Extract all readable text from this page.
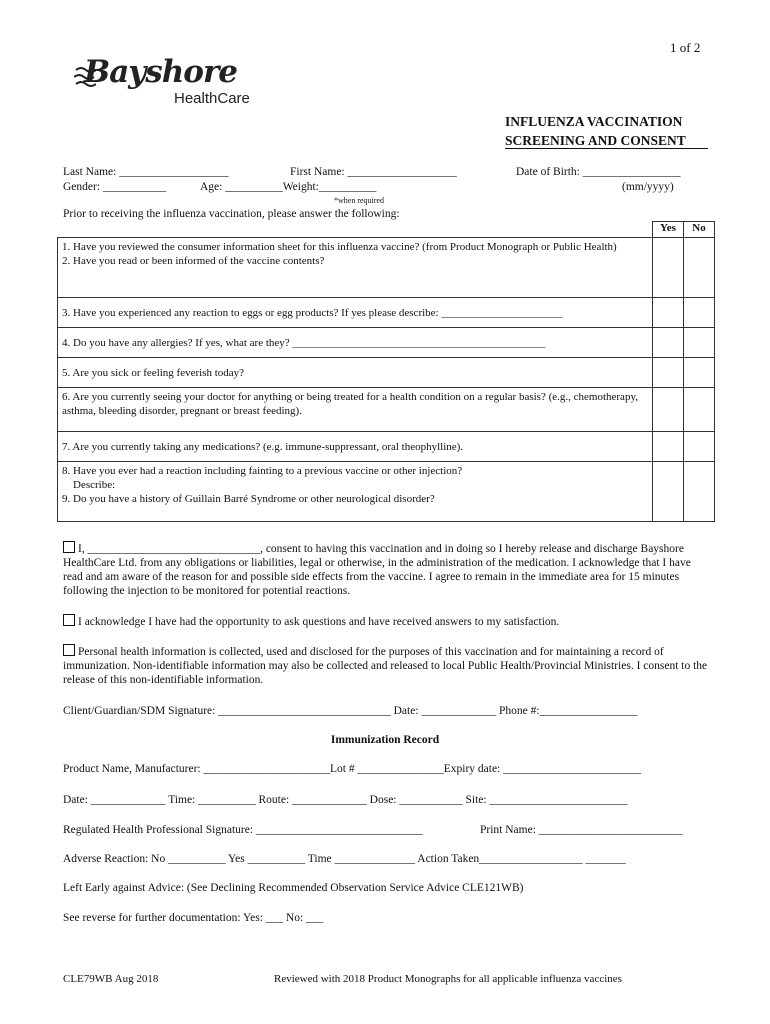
1 of 2
Bayshore
HealthCare
INFLUENZA VACCINATION
SCREENING AND CONSENT
Last Name: ___________________	First Name: ___________________	Date of Birth: _________________
Gender: ___________	Age: __________Weight:__________	(mm/yyyy)
*when required
Prior to receiving the influenza vaccination, please answer the following:
	Yes	No

1. Have you reviewed the consumer information sheet for this influenza vaccine? (from Product Monograph or Public Health)
2. Have you read or been informed of the vaccine contents?		

3. Have you experienced any reaction to eggs or egg products? If yes please describe: ______________________		
4. Do you have any allergies? If yes, what are they? ______________________________________________		
5. Are you sick or feeling feverish today?		
6. Are you currently seeing your doctor for anything or being treated for a health condition on a regular basis? (e.g., chemotherapy, asthma, bleeding disorder, pregnant or breast feeding).		
7. Are you currently taking any medications? (e.g. immune-suppressant, oral theophylline).		

8. Have you ever had a reaction including fainting to a previous vaccine or other injection?
Describe:
9. Do you have a history of Guillain Barré Syndrome or other neurological disorder?		

I, ______________________________, consent to having this vaccination and in doing so I hereby release and discharge Bayshore HealthCare Ltd. from any obligations or liabilities, legal or otherwise, in the administration of the medication. I acknowledge that I have read and am aware of the reason for and possible side effects from the vaccine. I agree to remain in the immediate area for 15 minutes following the injection to be monitored for potential reactions.
I acknowledge I have had the opportunity to ask questions and have received answers to my satisfaction.
Personal health information is collected, used and disclosed for the purposes of this vaccination and for maintaining a record of immunization. Non-identifiable information may also be collected and released to local Public Health/Provincial Ministries. I consent to the release of this non-identifiable information.
Client/Guardian/SDM Signature: ______________________________ Date: _____________ Phone #:_________________
Immunization Record
Product Name, Manufacturer: ______________________Lot # _______________Expiry date: ________________________
Date: _____________ Time: __________ Route: _____________ Dose: ___________ Site: ________________________
Regulated Health Professional Signature: _____________________________	Print Name: _________________________
Adverse Reaction: No __________ Yes __________ Time ______________ Action Taken__________________ _______
Left Early against Advice: (See Declining Recommended Observation Service Advice CLE121WB)
See reverse for further documentation: Yes: ___ No: ___
CLE79WB Aug 2018	Reviewed with 2018 Product Monographs for all applicable influenza vaccines
